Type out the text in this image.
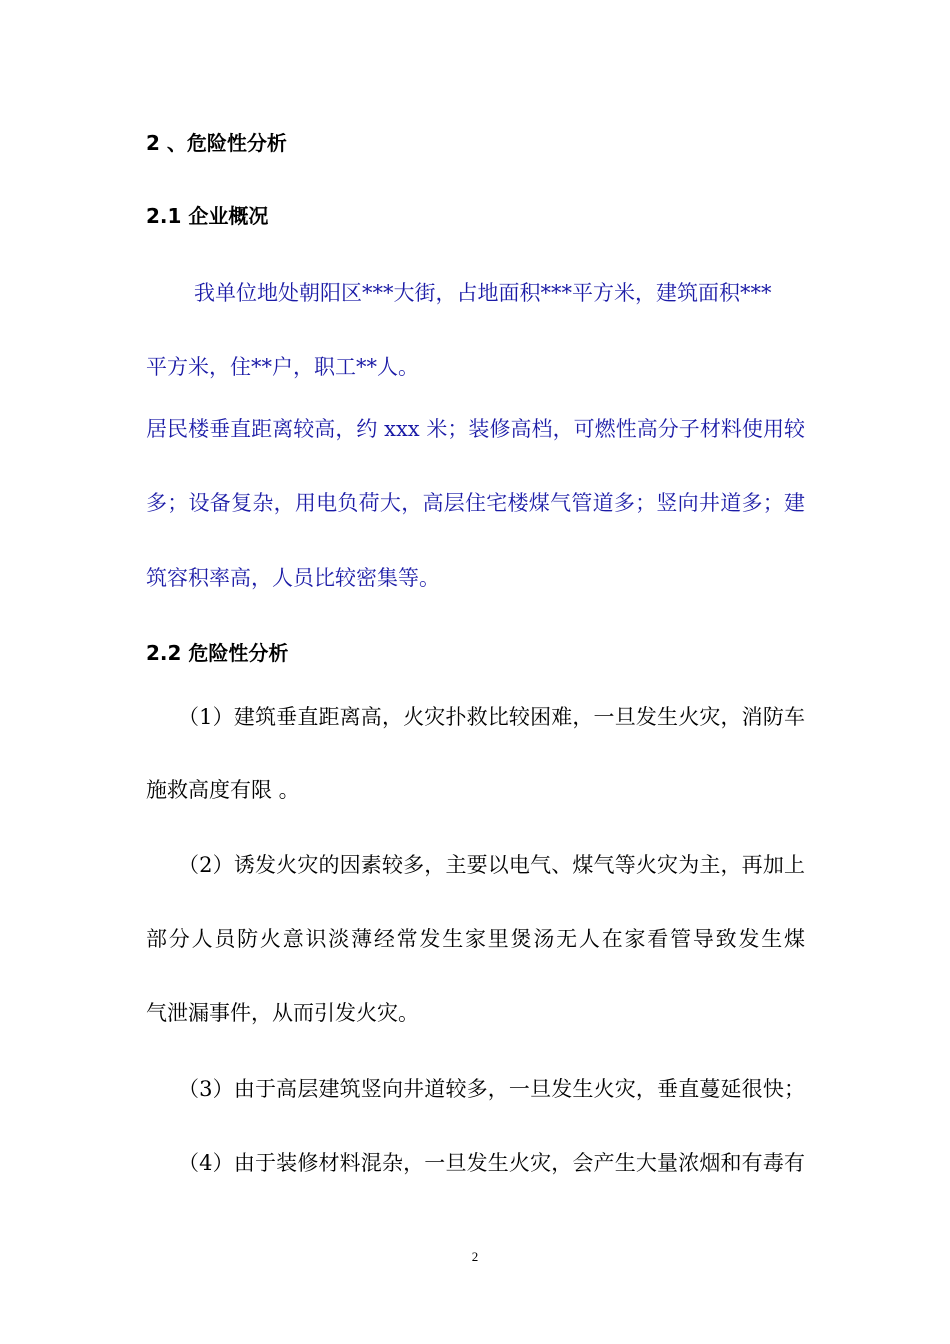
2 、危险性分析
2.1 企业概况
我单位地处朝阳区***大街，占地面积***平方米，建筑面积***
平方米，住**户，职工**人。
居民楼垂直距离较高，约 xxx 米；装修高档，可燃性高分子材料使用较
多；设备复杂，用电负荷大，高层住宅楼煤气管道多；竖向井道多；建
筑容积率高，人员比较密集等。
2.2 危险性分析
（1）建筑垂直距离高，火灾扑救比较困难，一旦发生火灾，消防车
施救高度有限 。
（2）诱发火灾的因素较多，主要以电气、煤气等火灾为主，再加上
部分人员防火意识淡薄经常发生家里煲汤无人在家看管导致发生煤
气泄漏事件，从而引发火灾。
（3）由于高层建筑竖向井道较多，一旦发生火灾，垂直蔓延很快；
（4）由于装修材料混杂，一旦发生火灾，会产生大量浓烟和有毒有
2
